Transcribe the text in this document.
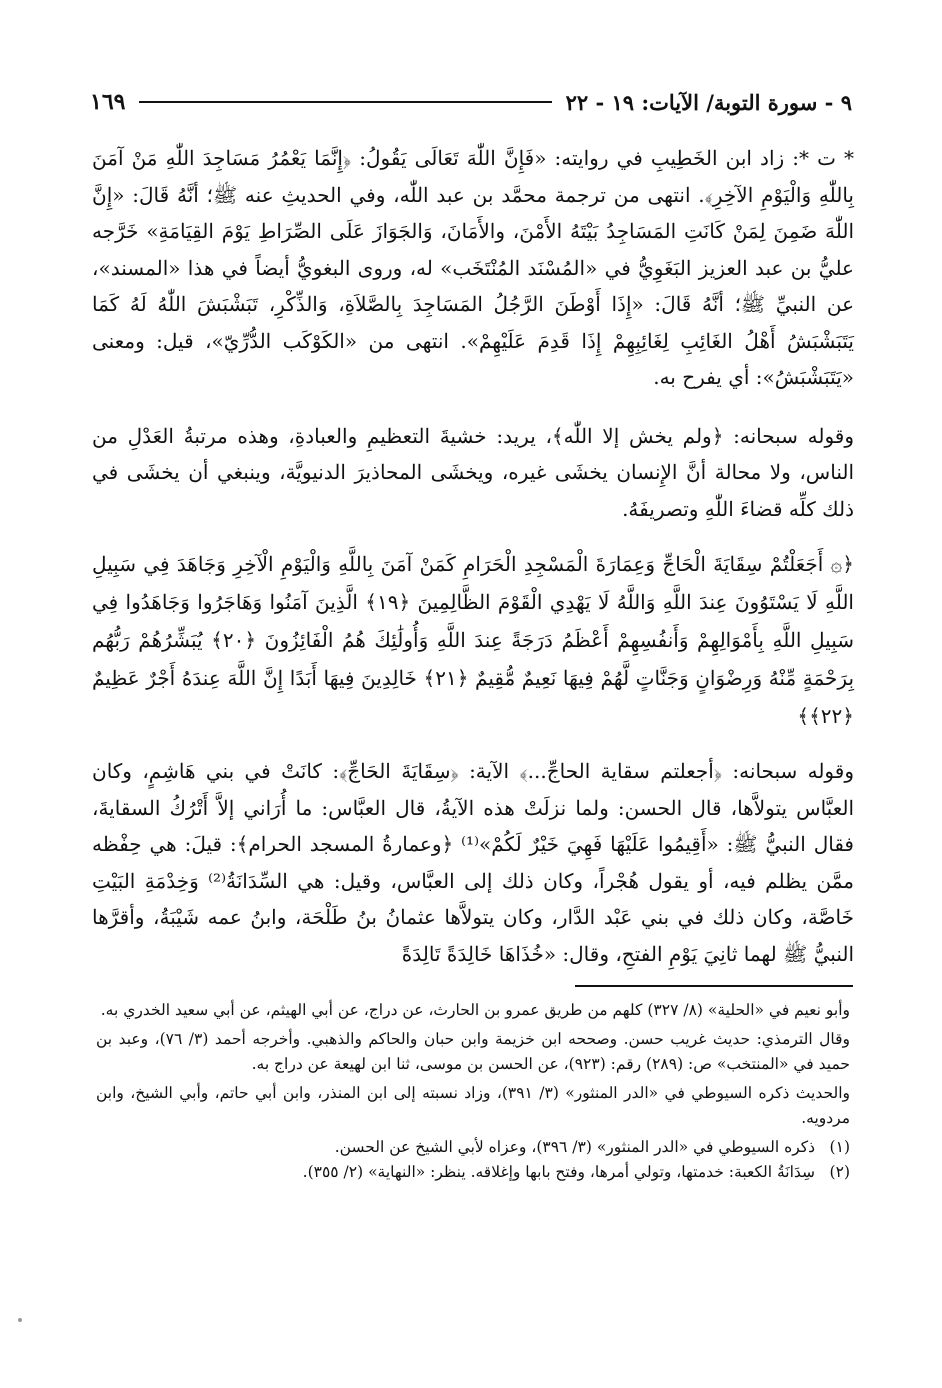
٩ - سورة التوبة/ الآيات: ١٩ - ٢٢
١٦٩

* ت *: زاد ابن الخَطِيبِ في روايته: «فَإِنَّ اللّٰهَ تَعَالَى يَقُولُ: ﴿إِنَّمَا يَعْمُرُ مَسَاجِدَ اللّٰهِ مَنْ آمَنَ بِاللّٰهِ وَالْيَوْمِ الآخِرِ﴾. انتهى من ترجمة محمَّد بن عبد اللّٰه، وفي الحديثِ عنه ﷺ؛ أنَّهُ قَالَ: «إِنَّ اللّٰهَ ضَمِنَ لِمَنْ كَانَتِ المَسَاجِدُ بَيْتَهُ الأَمْنَ، والأَمَانَ، وَالجَوَازَ عَلَى الصِّرَاطِ يَوْمَ القِيَامَةِ» خَرَّجه عليُّ بن عبد العزيز البَغَوِيُّ في «المُسْنَد المُنْتَخَب» له، وروى البغويُّ أيضاً في هذا «المسند»، عن النبيِّ ﷺ؛ أنَّهُ قَالَ: «إِذَا أَوْطَنَ الرَّجُلُ المَسَاجِدَ بِالصَّلاَةِ، وَالذِّكْرِ، تَبَشْبَشَ اللّٰهُ لَهُ كَمَا يَتَبَشْبَشُ أَهْلُ الغَائِبِ لِغَائِبِهِمْ إِذَا قَدِمَ عَلَيْهِمْ». انتهى من «الكَوْكَب الدُّرِّيّ»، قيل: ومعنى «يَتَبَشْبَشُ»: أي يفرح به.

وقوله سبحانه: ﴿ولم يخش إلا اللّٰه﴾، يريد: خشيةَ التعظيمِ والعبادةِ، وهذه مرتبةُ العَدْلِ من الناس، ولا محالة أنَّ الإِنسان يخشَى غيره، ويخشَى المحاذيرَ الدنيويَّة، وينبغي أن يخشَى في ذلك كلِّه قضاءَ اللّٰهِ وتصريفَهُ.

﴿۞ أَجَعَلْتُمْ سِقَايَةَ الْحَاجِّ وَعِمَارَةَ الْمَسْجِدِ الْحَرَامِ كَمَنْ آمَنَ بِاللَّهِ وَالْيَوْمِ الْآخِرِ وَجَاهَدَ فِي سَبِيلِ اللَّهِ لَا يَسْتَوُونَ عِندَ اللَّهِ وَاللَّهُ لَا يَهْدِي الْقَوْمَ الظَّالِمِينَ ﴿١٩﴾ الَّذِينَ آمَنُوا وَهَاجَرُوا وَجَاهَدُوا فِي سَبِيلِ اللَّهِ بِأَمْوَالِهِمْ وَأَنفُسِهِمْ أَعْظَمُ دَرَجَةً عِندَ اللَّهِ وَأُولَٰئِكَ هُمُ الْفَائِزُونَ ﴿٢٠﴾ يُبَشِّرُهُمْ رَبُّهُم بِرَحْمَةٍ مِّنْهُ وَرِضْوَانٍ وَجَنَّاتٍ لَّهُمْ فِيهَا نَعِيمٌ مُّقِيمٌ ﴿٢١﴾ خَالِدِينَ فِيهَا أَبَدًا إِنَّ اللَّهَ عِندَهُ أَجْرٌ عَظِيمٌ ﴿٢٢﴾﴾

وقوله سبحانه: ﴿أجعلتم سقاية الحاجِّ...﴾ الآية: ﴿سِقَايَةَ الحَاجِّ﴾: كانَتْ في بني هَاشِمٍ، وكان العبَّاس يتولاَّها، قال الحسن: ولما نزلَتْ هذه الآيةُ، قال العبَّاس: ما أُرَاني إلاَّ أَتْرُكُ السقايةَ، فقال النبيُّ ﷺ: «أَقِيمُوا عَلَيْهَا فَهِيَ خَيْرٌ لَكُمْ»⁽¹⁾ ﴿وعمارةُ المسجد الحرام﴾: قيلَ: هي حِفْظه ممَّن يظلم فيه، أو يقول هُجْراً، وكان ذلك إلى العبَّاس، وقيل: هي السِّدَانَةُ⁽²⁾ وَخِدْمَةِ البَيْتِ خَاصَّة، وكان ذلك في بني عَبْد الدَّار، وكان يتولاَّها عثمانُ بنُ طَلْحَة، وابنُ عمه شَيْبَةُ، وأقرَّها النبيُّ ﷺ لهما ثانِيَ يَوْمِ الفتحِ، وقال: «خُذَاهَا خَالِدَةً تَالِدَةً

وأبو نعيم في «الحلية» (٨/ ٣٢٧) كلهم من طريق عمرو بن الحارث، عن دراج، عن أبي الهيثم، عن أبي سعيد الخدري به.

وقال الترمذي: حديث غريب حسن. وصححه ابن خزيمة وابن حبان والحاكم والذهبي. وأخرجه أحمد (٣/ ٧٦)، وعبد بن حميد في «المنتخب» ص: (٢٨٩) رقم: (٩٢٣)، عن الحسن بن موسى، ثنا ابن لهيعة عن دراج به.

والحديث ذكره السيوطي في «الدر المنثور» (٣/ ٣٩١)، وزاد نسبته إلى ابن المنذر، وابن أبي حاتم، وأبي الشيخ، وابن مردويه.

(١) ذكره السيوطي في «الدر المنثور» (٣/ ٣٩٦)، وعزاه لأبي الشيخ عن الحسن.

(٢) سِدَانَةُ الكعبة: خدمتها، وتولي أمرها، وفتح بابها وإغلاقه. ينظر: «النهاية» (٢/ ٣٥٥).
